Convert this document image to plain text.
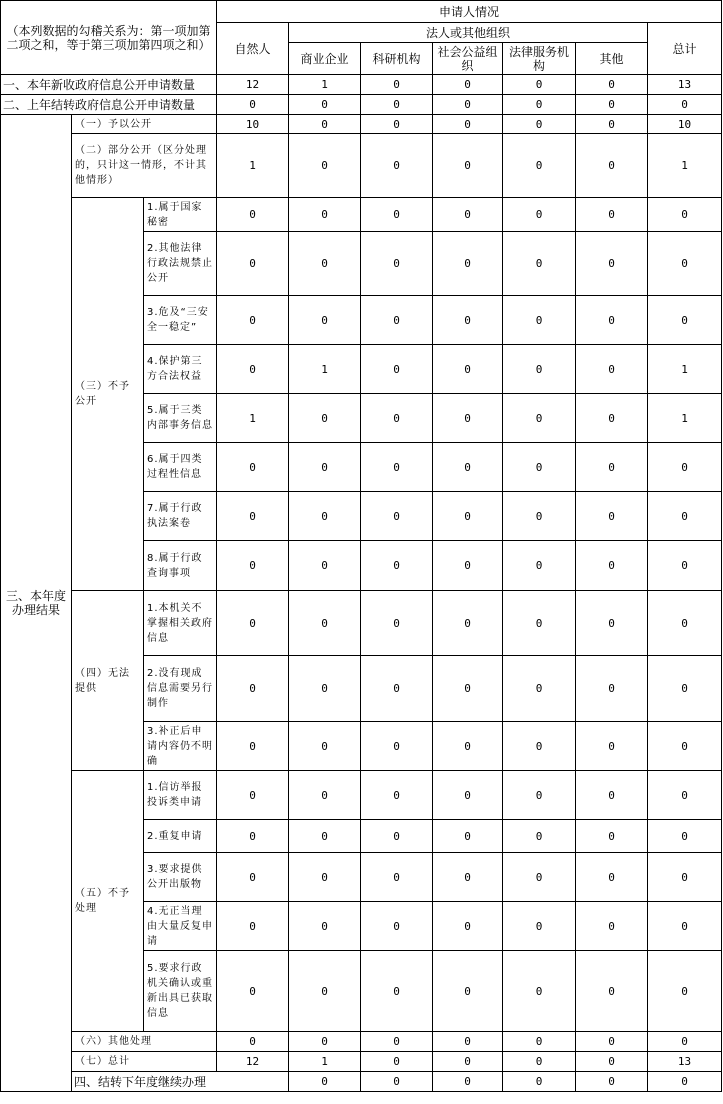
（本列数据的勾稽关系为：第一项加第二项之和，等于第三项加第四项之和）			申请人情况							
			自然人	法人或其他组织					总计	
				商业企业	科研机构	社会公益组织	法律服务机构	其他		
一、本年新收政府信息公开申请数量			12	1	0	0	0	0	13	
二、上年结转政府信息公开申请数量			0	0	0	0	0	0	0	
三、本年度办理结果	（一）予以公开		10	0	0	0	0	0	10	
	（二）部分公开（区分处理的，只计这一情形，不计其他情形）		1	0	0	0	0	0	1	
	（三）不予公开	1.属于国家秘密	0	0	0	0	0	0	0	
		2.其他法律行政法规禁止公开	0	0	0	0	0	0	0	
		3.危及“三安全一稳定”	0	0	0	0	0	0	0	
		4.保护第三方合法权益	0	1	0	0	0	0	1	
		5.属于三类内部事务信息	1	0	0	0	0	0	1	
		6.属于四类过程性信息	0	0	0	0	0	0	0	
		7.属于行政执法案卷	0	0	0	0	0	0	0	
		8.属于行政查询事项	0	0	0	0	0	0	0	
	（四）无法提供	1.本机关不掌握相关政府信息	0	0	0	0	0	0	0	
		2.没有现成信息需要另行制作	0	0	0	0	0	0	0	
		3.补正后申请内容仍不明确	0	0	0	0	0	0	0	
	（五）不予处理	1.信访举报投诉类申请	0	0	0	0	0	0	0	
		2.重复申请	0	0	0	0	0	0	0	
		3.要求提供公开出版物	0	0	0	0	0	0	0	
		4.无正当理由大量反复申请	0	0	0	0	0	0	0	
		5.要求行政机关确认或重新出具已获取信息	0	0	0	0	0	0	0	
	（六）其他处理		0	0	0	0	0	0	0	
	（七）总计		12	1	0	0	0	0	13	
	四、结转下年度继续办理			0	0	0	0	0	0	
